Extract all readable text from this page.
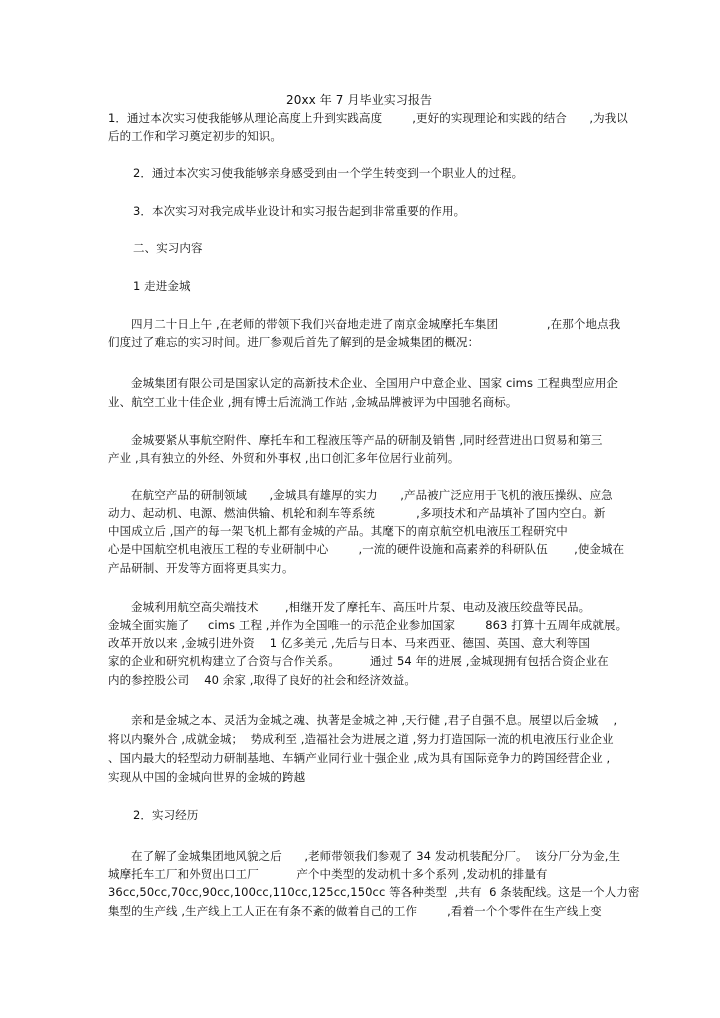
20xx 年 7 月毕业实习报告
1．通过本次实习使我能够从理论高度上升到实践高度        ,更好的实现理论和实践的结合      ,为我以
后的工作和学习奠定初步的知识。
2．通过本次实习使我能够亲身感受到由一个学生转变到一个职业人的过程。
3．本次实习对我完成毕业设计和实习报告起到非常重要的作用。
二、实习内容
1 走进金城
四月二十日上午 ,在老师的带领下我们兴奋地走进了南京金城摩托车集团             ,在那个地点我
们度过了难忘的实习时间。进厂参观后首先了解到的是金城集团的概况：
金城集团有限公司是国家认定的高新技术企业、全国用户中意企业、国家 cims 工程典型应用企
业、航空工业十佳企业 ,拥有博士后流淌工作站 ,金城品牌被评为中国驰名商标。
金城要紧从事航空附件、摩托车和工程液压等产品的研制及销售 ,同时经营进出口贸易和第三
产业 ,具有独立的外经、外贸和外事权 ,出口创汇多年位居行业前列。
在航空产品的研制领域      ,金城具有雄厚的实力      ,产品被广泛应用于飞机的液压操纵、应急
动力、起动机、电源、燃油供输、机轮和刹车等系统           ,多项技术和产品填补了国内空白。新
中国成立后 ,国产的每一架飞机上都有金城的产品。其麾下的南京航空机电液压工程研究中
心是中国航空机电液压工程的专业研制中心        ,一流的硬件设施和高素养的科研队伍       ,使金城在
产品研制、开发等方面将更具实力。
金城利用航空高尖端技术       ,相继开发了摩托车、高压叶片泵、电动及液压绞盘等民品。
金城全面实施了     cims 工程 ,并作为全国唯一的示范企业参加国家        863 打算十五周年成就展。
改革开放以来 ,金城引进外资    1 亿多美元 ,先后与日本、马来西亚、德国、英国、意大利等国
家的企业和研究机构建立了合资与合作关系。        通过 54 年的进展 ,金城现拥有包括合资企业在
内的参控股公司    40 余家 ,取得了良好的社会和经济效益。
亲和是金城之本、灵活为金城之魂、执著是金城之神 ,天行健 ,君子自强不息。展望以后金城    ,
将以内聚外合 ,成就金城；  势成利至 ,造福社会为进展之道 ,努力打造国际一流的机电液压行业企业
、国内最大的轻型动力研制基地、车辆产业同行业十强企业 ,成为具有国际竞争力的跨国经营企业 ,
实现从中国的金城向世界的金城的跨越
2．实习经历
在了解了金城集团地风貌之后      ,老师带领我们参观了 34 发动机装配分厂。  该分厂分为金,生
城摩托车工厂和外贸出口工厂          产个中类型的发动机十多个系列 ,发动机的排量有
36cc,50cc,70cc,90cc,100cc,110cc,125cc,150cc 等各种类型  ,共有  6 条装配线。这是一个人力密
集型的生产线 ,生产线上工人正在有条不紊的做着自己的工作        ,看着一个个零件在生产线上变
